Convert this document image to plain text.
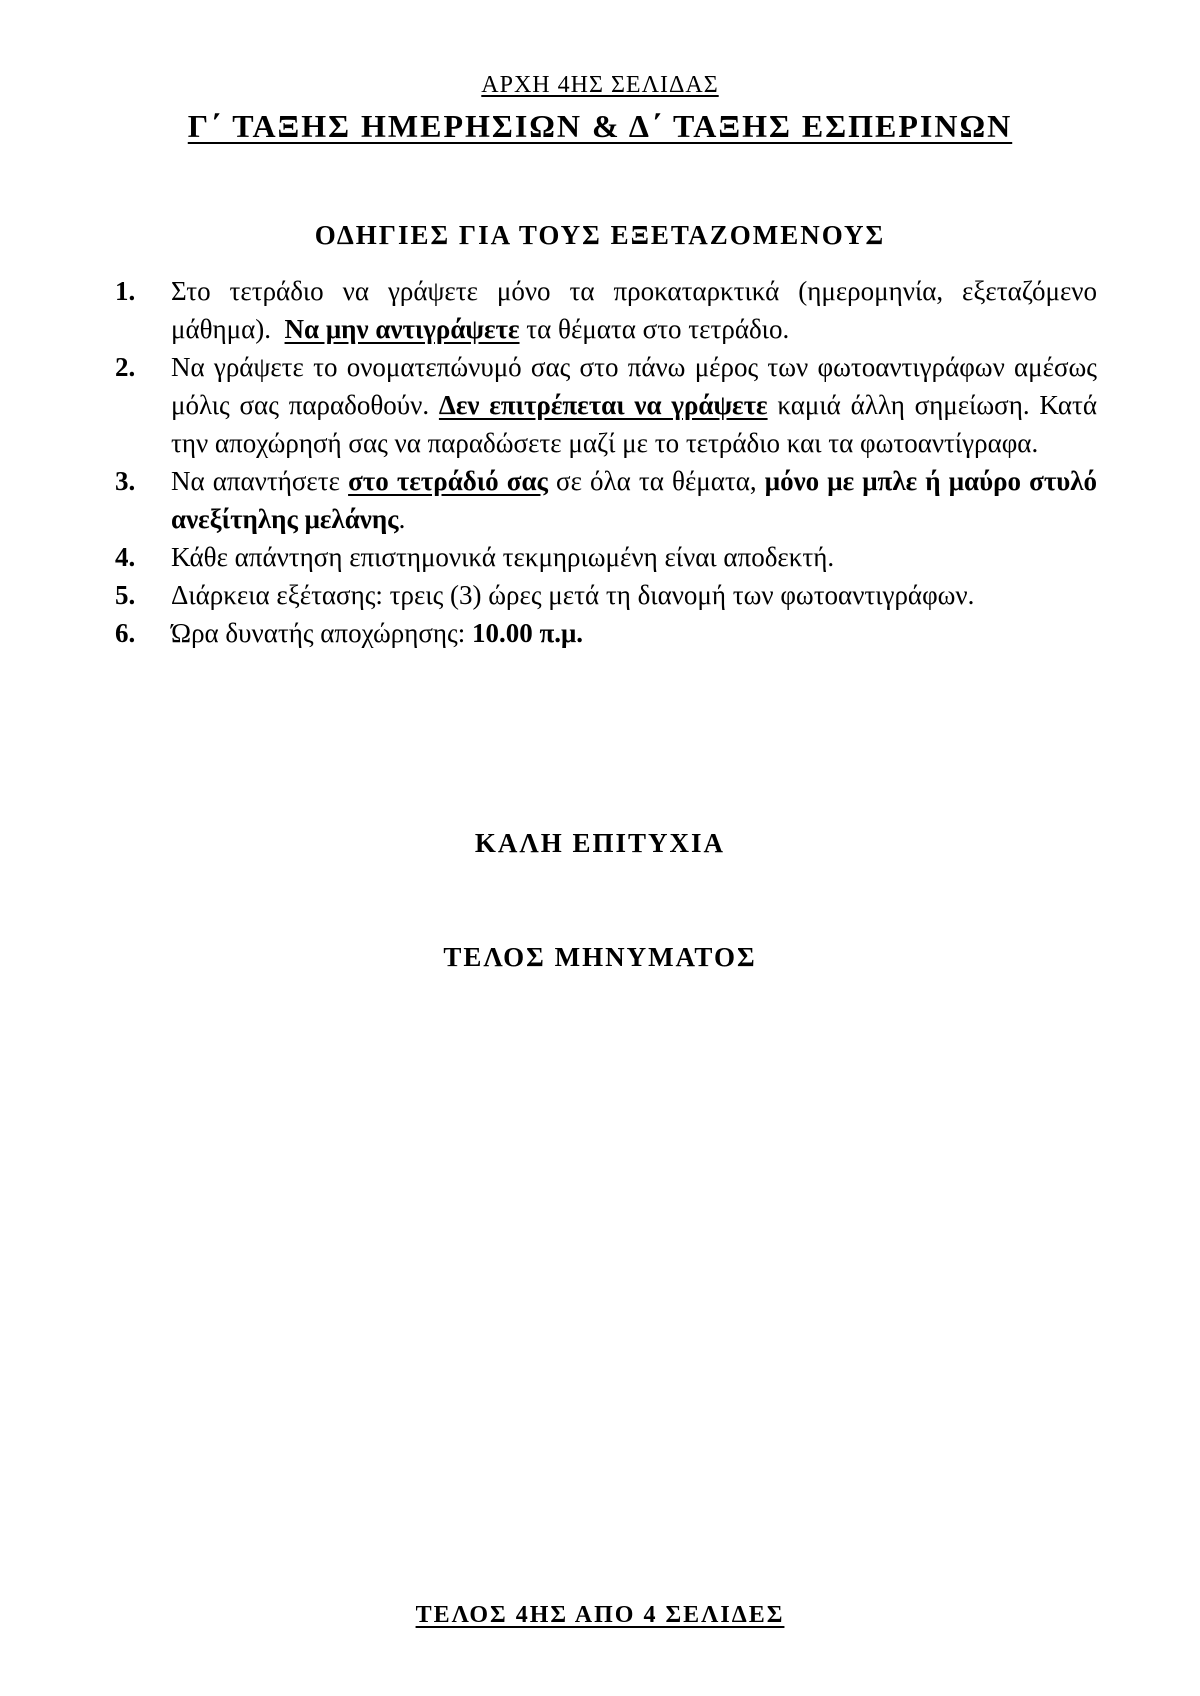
ΑΡΧΗ 4ΗΣ ΣΕΛΙΔΑΣ
Γ΄ ΤΑΞΗΣ ΗΜΕΡΗΣΙΩΝ & Δ΄ ΤΑΞΗΣ ΕΣΠΕΡΙΝΩΝ
ΟΔΗΓΙΕΣ ΓΙΑ ΤΟΥΣ ΕΞΕΤΑΖΟΜΕΝΟΥΣ
1. Στο τετράδιο να γράψετε μόνο τα προκαταρκτικά (ημερομηνία, εξεταζόμενο μάθημα). Να μην αντιγράψετε τα θέματα στο τετράδιο.
2. Να γράψετε το ονοματεπώνυμό σας στο πάνω μέρος των φωτοαντιγράφων αμέσως μόλις σας παραδοθούν. Δεν επιτρέπεται να γράψετε καμιά άλλη σημείωση. Κατά την αποχώρησή σας να παραδώσετε μαζί με το τετράδιο και τα φωτοαντίγραφα.
3. Να απαντήσετε στο τετράδιό σας σε όλα τα θέματα, μόνο με μπλε ή μαύρο στυλό ανεξίτηλης μελάνης.
4. Κάθε απάντηση επιστημονικά τεκμηριωμένη είναι αποδεκτή.
5. Διάρκεια εξέτασης: τρεις (3) ώρες μετά τη διανομή των φωτοαντιγράφων.
6. Ώρα δυνατής αποχώρησης: 10.00 π.μ.
ΚΑΛΗ ΕΠΙΤΥΧΙΑ
ΤΕΛΟΣ ΜΗΝΥΜΑΤΟΣ
ΤΕΛΟΣ 4ΗΣ ΑΠΟ 4 ΣΕΛΙΔΕΣ
